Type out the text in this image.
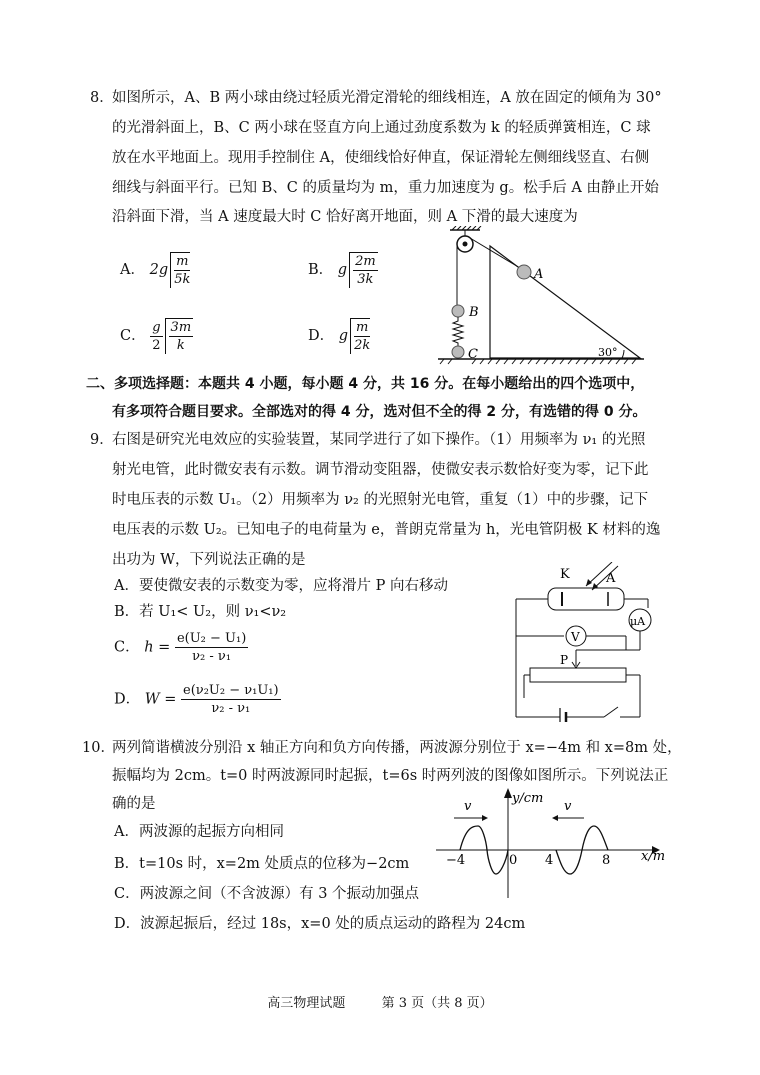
8．
如图所示，A、B 两小球由绕过轻质光滑定滑轮的细线相连，A 放在固定的倾角为 30°
的光滑斜面上，B、C 两小球在竖直方向上通过劲度系数为 k 的轻质弹簧相连，C 球
放在水平地面上。现用手控制住 A，使细线恰好伸直，保证滑轮左侧细线竖直、右侧
细线与斜面平行。已知 B、C 的质量均为 m，重力加速度为 g。松手后 A 由静止开始
沿斜面下滑，当 A 速度最大时 C 恰好离开地面，则 A 下滑的最大速度为
A． $2g \frac{m}{5k}$	B． g $\frac{2m}{3k}$
C． $\frac{g}{2} \frac{3m}{k}$	D． g $\frac{m}{2k}$
B
C
A
30°
二、多项选择题：本题共 4 小题，每小题 4 分，共 16 分。在每小题给出的四个选项中，
有多项符合题目要求。全部选对的得 4 分，选对但不全的得 2 分，有选错的得 0 分。
9．
右图是研究光电效应的实验装置，某同学进行了如下操作。（1）用频率为 ν₁ 的光照
射光电管，此时微安表有示数。调节滑动变阻器，使微安表示数恰好变为零，记下此
时电压表的示数 U₁。（2）用频率为 ν₂ 的光照射光电管，重复（1）中的步骤，记下
电压表的示数 U₂。已知电子的电荷量为 e，普朗克常量为 h，光电管阴极 K 材料的逸
出功为 W，下列说法正确的是
A．要使微安表的示数变为零，应将滑片 P 向右移动
B．若 U₁< U₂，则 ν₁<ν₂
C． $h = \frac{\text{e(U₂ − U₁)}}{\text{ν₂ - ν₁}}$
D． $W = \frac{\text{e(ν₂U₂ − ν₁U₁)}}{\text{ν₂ - ν₁}}$
K	A
μA
V
P
10．
两列简谐横波分别沿 x 轴正方向和负方向传播，两波源分别位于 x=−4m 和 x=8m 处，
振幅均为 2cm。t=0 时两波源同时起振，t=6s 时两列波的图像如图所示。下列说法正
确的是
A．两波源的起振方向相同
B．t=10s 时，x=2m 处质点的位移为−2cm
C．两波源之间（不含波源）有 3 个振动加强点
D．波源起振后，经过 18s，x=0 处的质点运动的路程为 24cm
y/cm
x/m
−4	0 4	8
v	v
高三物理试题	第 3 页（共 8 页）
